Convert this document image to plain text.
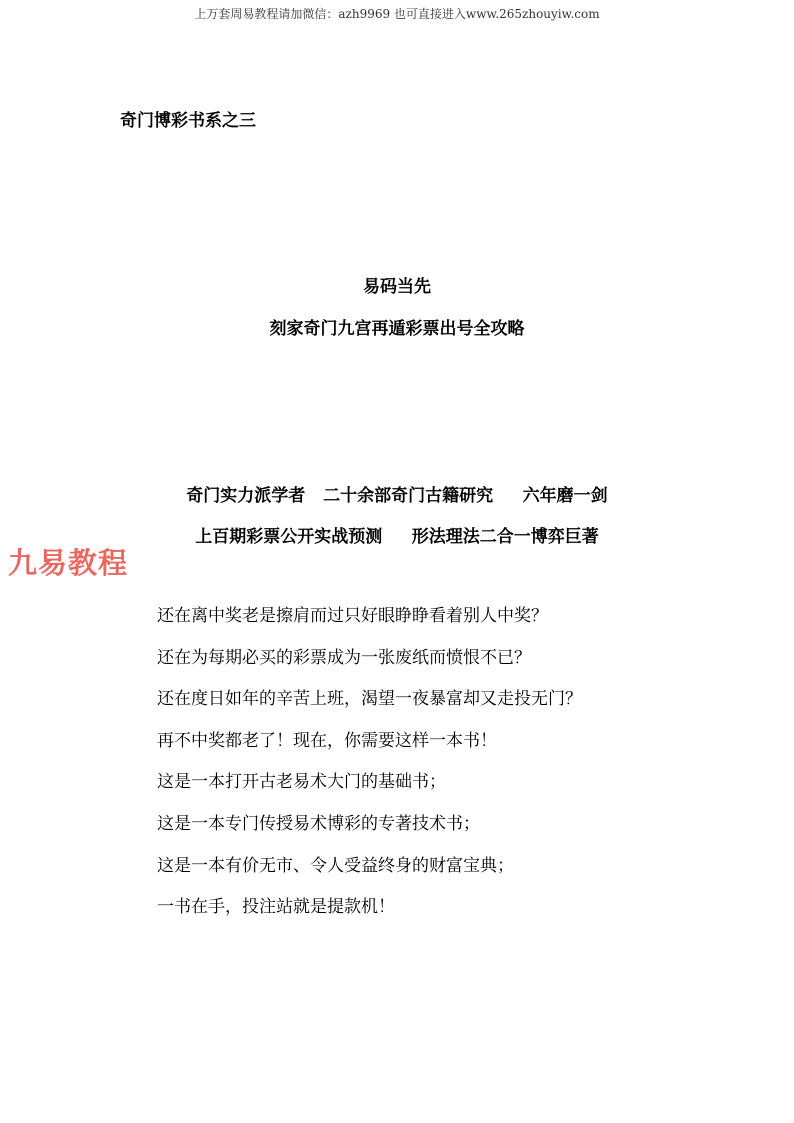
上万套周易教程请加微信：azh9969 也可直接进入www.265zhouyiw.com
奇门博彩书系之三
易码当先
刻家奇门九宫再遁彩票出号全攻略
奇门实力派学者   二十余部奇门古籍研究     六年磨一剑
上百期彩票公开实战预测     形法理法二合一博弈巨著
九易教程
还在离中奖老是擦肩而过只好眼睁睁看着别人中奖？
还在为每期必买的彩票成为一张废纸而愤恨不已？
还在度日如年的辛苦上班，渴望一夜暴富却又走投无门？
再不中奖都老了！现在，你需要这样一本书！
这是一本打开古老易术大门的基础书；
这是一本专门传授易术博彩的专著技术书；
这是一本有价无市、令人受益终身的财富宝典；
一书在手，投注站就是提款机！
